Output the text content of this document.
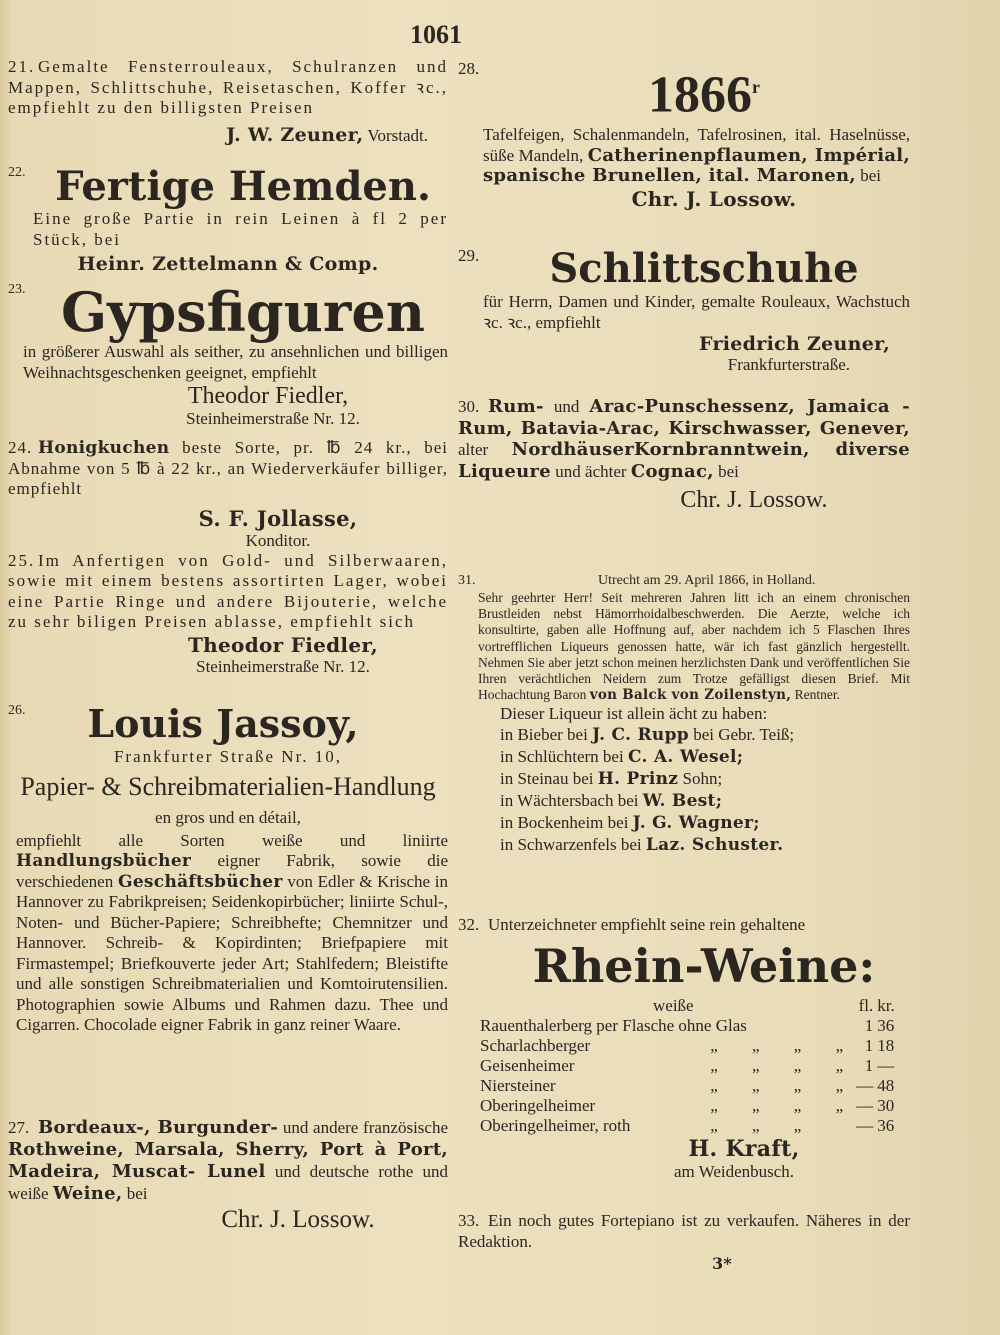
1061

21. Gemalte Fensterrouleaux, Schulranzen und Mappen, Schlittschuhe, Reisetaschen, Koffer ꝛc., empfiehlt zu den billigsten Preisen

J. W. Zeuner, Vorstadt.

22. Fertige Hemden.

Eine große Partie in rein Leinen à fl 2 per Stück, bei

Heinr. Zettelmann & Comp.
23. Gypsfiguren

in größerer Auswahl als seither, zu ansehnlichen und billigen Weihnachtsgeschenken geeignet, empfiehlt

Theodor Fiedler,
Steinheimerstraße Nr. 12.

24. Honigkuchen beste Sorte, pr. ℔ 24 kr., bei Abnahme von 5 ℔ à 22 kr., an Wiederverkäufer billiger, empfiehlt

S. F. Jollasse,
Konditor.

25. Im Anfertigen von Gold- und Silberwaaren, sowie mit einem bestens assortirten Lager, wobei eine Partie Ringe und andere Bijouterie, welche zu sehr biligen Preisen ablasse, empfiehlt sich

Theodor Fiedler,
Steinheimerstraße Nr. 12.
26.	Louis Jassoy,
Frankfurter Straße Nr. 10,
Papier- & Schreibmaterialien-Handlung
en gros und en détail,

empfiehlt alle Sorten weiße und liniirte Handlungsbücher eigner Fabrik, sowie die verschiedenen Geschäftsbücher von Edler & Krische in Hannover zu Fabrikpreisen; Seidenkopirbücher; liniirte Schul-, Noten- und Bücher-Papiere; Schreibhefte; Chemnitzer und Hannover. Schreib- & Kopirdinten; Briefpapiere mit Firmastempel; Briefkouverte jeder Art; Stahlfedern; Bleistifte und alle sonstigen Schreibmaterialien und Komtoirutensilien. Photographien sowie Albums und Rahmen dazu. Thee und Cigarren. Chocolade eigner Fabrik in ganz reiner Waare.

27. Bordeaux-, Burgunder- und andere französische Rothweine, Marsala, Sherry, Port à Port, Madeira, Muscat- Lunel und deutsche rothe und weiße Weine, bei

Chr. J. Lossow.
28.	1866$^r$

Tafelfeigen, Schalenmandeln, Tafelrosinen, ital. Haselnüsse, süße Mandeln, Catherinenpflaumen, Impérial, spanische Brunellen, ital. Maronen, bei

Chr. J. Lossow.
29.	Schlittschuhe

für Herrn, Damen und Kinder, gemalte Rouleaux, Wachstuch ꝛc. ꝛc., empfiehlt

Friedrich Zeuner,
Frankfurterstraße.

30. Rum- und Arac-Punschessenz, Jamaica - Rum, Batavia-Arac, Kirschwasser, Genever, alter NordhäuserKornbranntwein, diverse Liqueure und ächter Cognac, bei

Chr. J. Lossow.
31.	Utrecht am 29. April 1866, in Holland.

Sehr geehrter Herr! Seit mehreren Jahren litt ich an einem chronischen Brustleiden nebst Hämorrhoidalbeschwerden. Die Aerzte, welche ich konsultirte, gaben alle Hoffnung auf, aber nachdem ich 5 Flaschen Ihres vortrefflichen Liqueurs genossen hatte, wär ich fast gänzlich hergestellt. Nehmen Sie aber jetzt schon meinen herzlichsten Dank und veröffentlichen Sie Ihren verächtlichen Neidern zum Trotze gefälligst diesen Brief. Mit Hochachtung Baron von Balck von Zoilenstyn, Rentner.

Dieser Liqueur ist allein ächt zu haben:
in Bieber bei J. C. Rupp bei Gebr. Teiß;
in Schlüchtern bei C. A. Wesel;
in Steinau bei H. Prinz Sohn;
in Wächtersbach bei W. Best;
in Bockenheim bei J. G. Wagner;
in Schwarzenfels bei Laz. Schuster.

32. Unterzeichneter empfiehlt seine rein gehaltene

Rhein-Weine:
weiße		fl.	kr.
Rauenthalerberg per Flasche ohne Glas		1	36
Scharlachberger	„ „ „ „	1	18
Geisenheimer	„ „ „ „	1	—
Niersteiner	„ „ „ „	—	48
Oberingelheimer	„ „ „ „	—	30
Oberingelheimer, roth	„ „ „	—	36
H. Kraft,
am Weidenbusch.

33. Ein noch gutes Fortepiano ist zu verkaufen. Näheres in der Redaktion.

3*
